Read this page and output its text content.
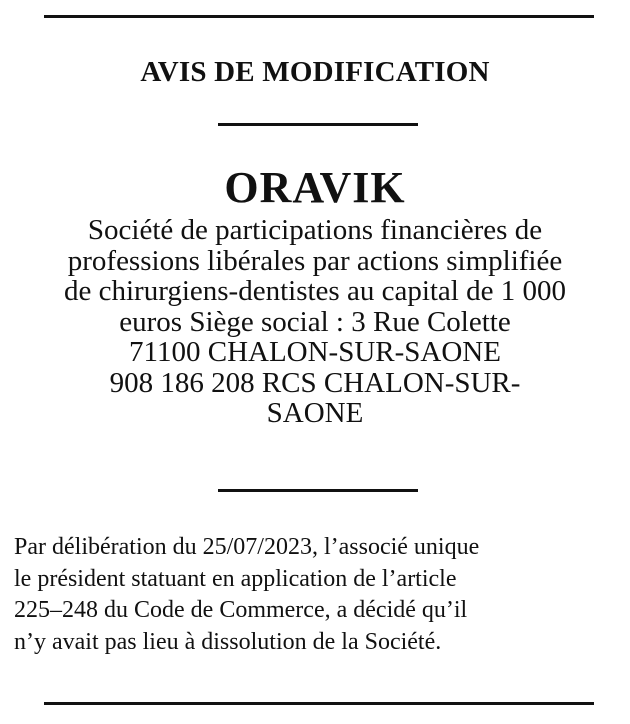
AVIS DE MODIFICATION
ORAVIK
Société de participations financières de
professions libérales par actions simplifiée
de chirurgiens-dentistes au capital de 1 000
euros Siège social : 3 Rue Colette
71100 CHALON-SUR-SAONE
908 186 208 RCS CHALON-SUR-
SAONE
Par délibération du 25/07/2023, l’associé unique
le président statuant en application de l’article
225–248 du Code de Commerce, a décidé qu’il
n’y avait pas lieu à dissolution de la Société.
